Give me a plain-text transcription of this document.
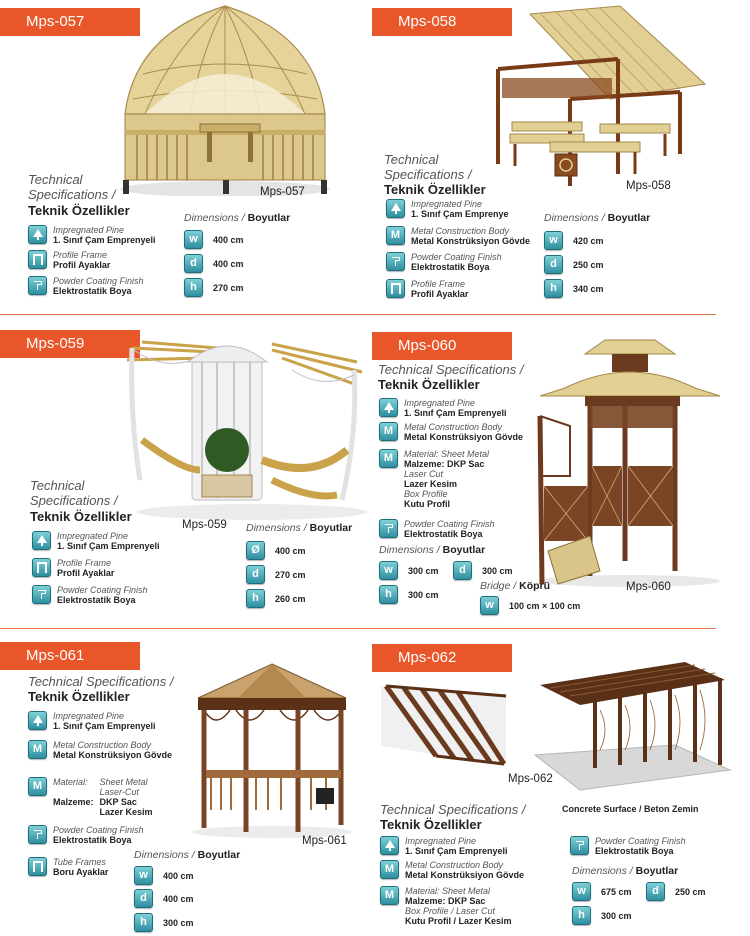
Mps-057
Mps-057
Technical
Specifications /
Teknik Özellikler
Impregnated Pine
1. Sınıf Çam Emprenyeli
Profile Frame
Profil Ayaklar
Powder Coating Finish
Elektrostatik Boya
Dimensions / Boyutlar
w	400 cm
d	400 cm
h	270 cm
Mps-058
Mps-058
Technical
Specifications /
Teknik Özellikler
Impregnated Pine
1. Sınıf Çam Emprenye
M	Metal Construction Body
Metal Konstrüksiyon Gövde
Powder Coating Finish
Elektrostatik Boya
Profile Frame
Profil Ayaklar
Dimensions / Boyutlar
w	420 cm
d	250 cm
h	340 cm
Mps-059
Mps-059
Technical
Specifications /
Teknik Özellikler
Impregnated Pine
1. Sınıf Çam Emprenyeli
Profile Frame
Profil Ayaklar
Powder Coating Finish
Elektrostatik Boya
Dimensions / Boyutlar
Ø	400 cm
d	270 cm
h	260 cm
Mps-060
Mps-060
Technical Specifications /
Teknik Özellikler
Impregnated Pine
1. Sınıf Çam Emprenyeli
M	Metal Construction Body
Metal Konstrüksiyon Gövde
M	Material: Sheet Metal
Malzeme: DKP Sac
Laser Cut
Lazer Kesim
Box Profile
Kutu Profil
Powder Coating Finish
Elektrostatik Boya
Dimensions / Boyutlar
w	300 cm	d	300 cm
h	300 cm
Bridge / Köprü
w	100 cm × 100 cm
Mps-061
Mps-061
Technical Specifications /
Teknik Özellikler
Impregnated Pine
1. Sınıf Çam Emprenyeli
M	Metal Construction Body
Metal Konstrüksiyon Gövde
M	Material:

Malzeme:
Sheet Metal
Laser-Cut
DKP Sac
Lazer Kesim
Powder Coating Finish
Elektrostatik Boya
Tube Frames
Boru Ayaklar
Dimensions / Boyutlar
w	400 cm
d	400 cm
h	300 cm
Mps-062
Mps-062
Concrete Surface / Beton Zemin
Technical Specifications /
Teknik Özellikler
Impregnated Pine
1. Sınıf Çam Emprenyeli
M	Metal Construction Body
Metal Konstrüksiyon Gövde
M	Material: Sheet Metal
Malzeme: DKP Sac
Box Profile / Laser Cut
Kutu Profil / Lazer Kesim
Powder Coating Finish
Elektrostatik Boya
Dimensions / Boyutlar
w	675 cm	d	250 cm
h	300 cm
